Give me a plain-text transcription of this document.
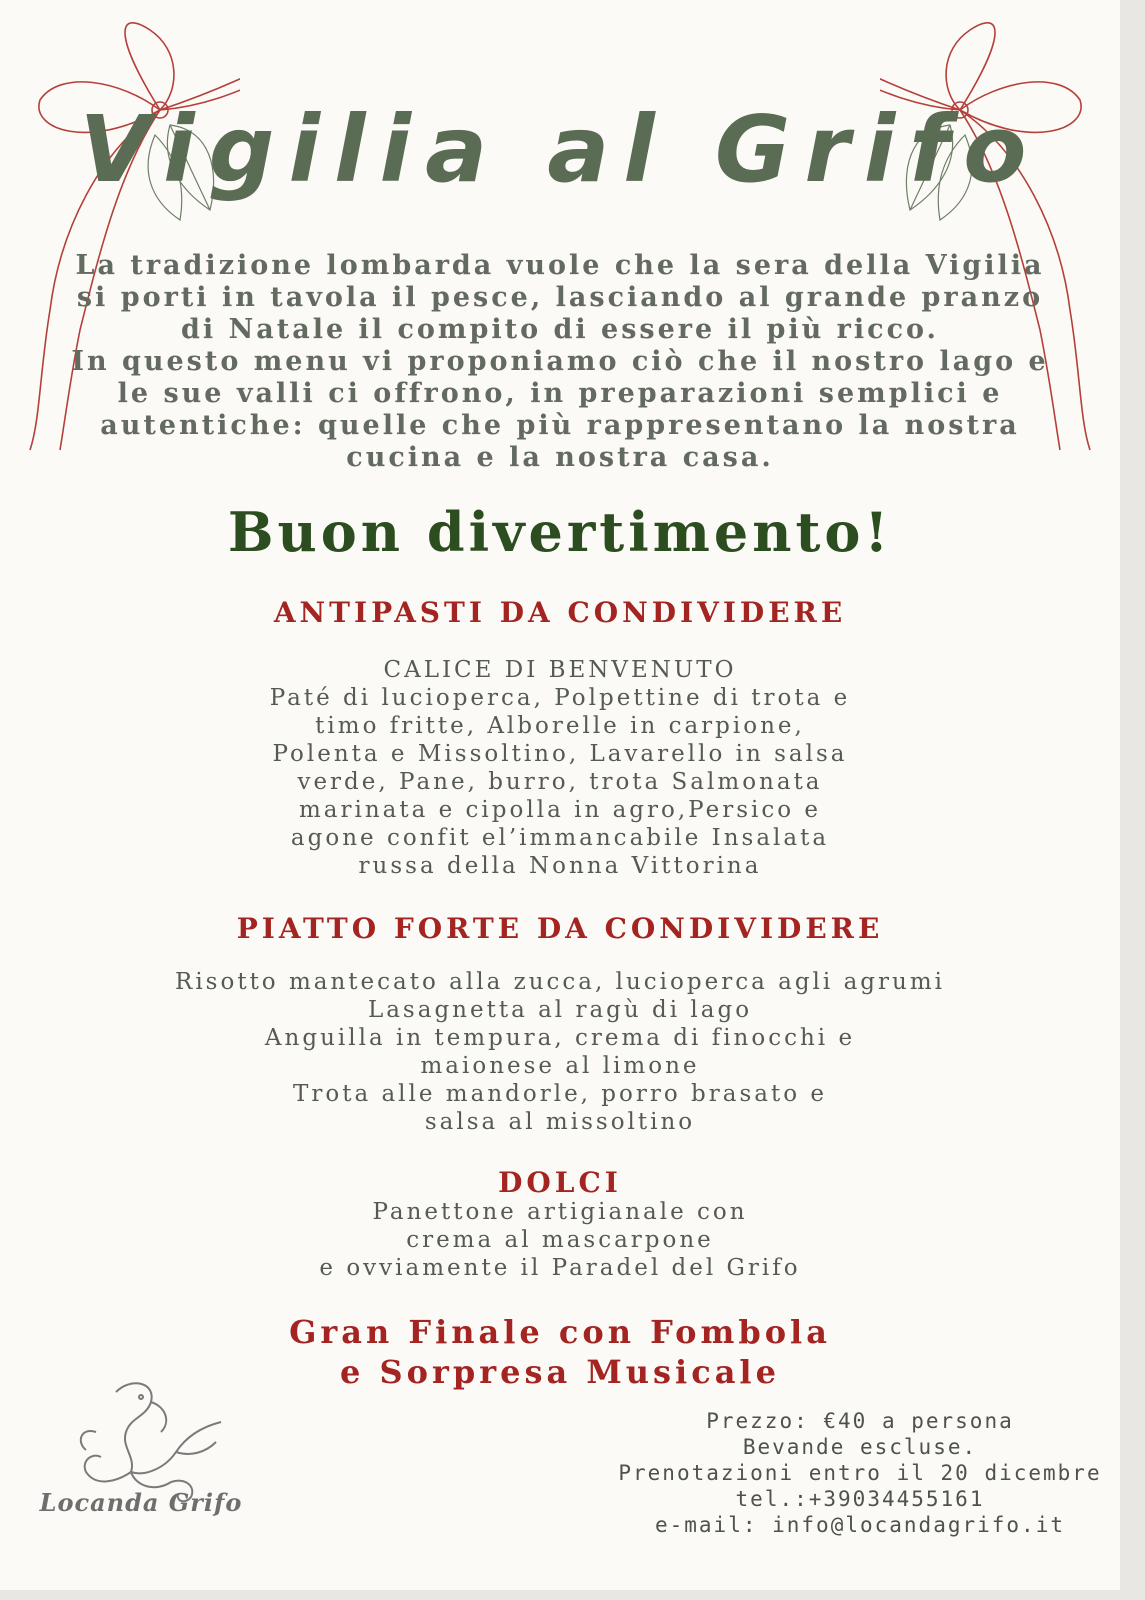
Vigilia al Grifo

La tradizione lombarda vuole che la sera della Vigilia si porti in tavola il pesce, lasciando al grande pranzo di Natale il compito di essere il più ricco.

In questo menu vi proponiamo ciò che il nostro lago e le sue valli ci offrono, in preparazioni semplici e autentiche: quelle che più rappresentano la nostra cucina e la nostra casa.

Buon divertimento!
ANTIPASTI DA CONDIVIDERE
CALICE DI BENVENUTO
Paté di lucioperca, Polpettine di trota e
timo fritte, Alborelle in carpione,
Polenta e Missoltino, Lavarello in salsa
verde, Pane, burro, trota Salmonata
marinata e cipolla in agro,Persico e
agone confit el’immancabile Insalata
russa della Nonna Vittorina
PIATTO FORTE DA CONDIVIDERE
Risotto mantecato alla zucca, lucioperca agli agrumi
Lasagnetta al ragù di lago
Anguilla in tempura, crema di finocchi e
maionese al limone
Trota alle mandorle, porro brasato e
salsa al missoltino
DOLCI
Panettone artigianale con
crema al mascarpone
e ovviamente il Paradel del Grifo
Gran Finale con Fombola
e Sorpresa Musicale
Locanda Grifo
Prezzo: €40 a persona
Bevande escluse.
Prenotazioni entro il 20 dicembre
tel.:+39034455161
e-mail: info@locandagrifo.it
